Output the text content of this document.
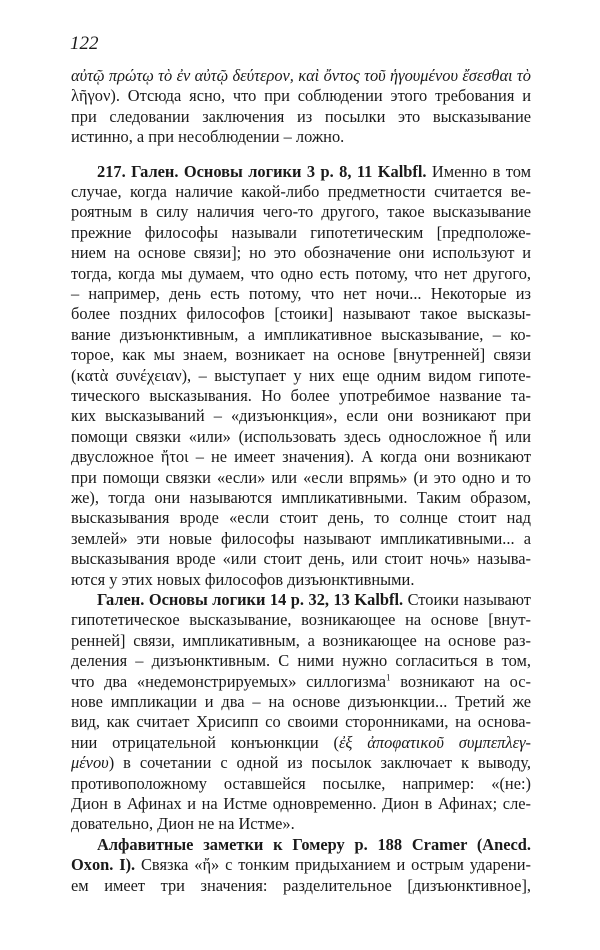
122
αὐτῷ πρώτῳ τὸ ἐν αὐτῷ δεύτερον, καὶ ὄντος τοῦ ἡγουμένου ἔσεσθαι τὸ
λῆγον). Отсюда ясно, что при соблюдении этого требования и
при следовании заключения из посылки это высказывание
истинно, а при несоблюдении – ложно.
217. Гален. Основы логики 3 p. 8, 11 Kalbfl. Именно в том
случае, когда наличие какой-либо предметности считается ве-
роятным в силу наличия чего-то другого, такое высказывание
прежние философы называли гипотетическим [предположе-
нием на основе связи]; но это обозначение они используют и
тогда, когда мы думаем, что одно есть потому, что нет другого,
– например, день есть потому, что нет ночи... Некоторые из
более поздних философов [стоики] называют такое высказы-
вание дизъюнктивным, а импликативное высказывание, – ко-
торое, как мы знаем, возникает на основе [внутренней] связи
(κατὰ συνέχειαν), – выступает у них еще одним видом гипоте-
тического высказывания. Но более употребимое название та-
ких высказываний – «дизъюнкция», если они возникают при
помощи связки «или» (использовать здесь односложное ἤ или
двусложное ἤτοι – не имеет значения). А когда они возникают
при помощи связки «если» или «если впрямь» (и это одно и то
же), тогда они называются импликативными. Таким образом,
высказывания вроде «если стоит день, то солнце стоит над
землей» эти новые философы называют импликативными... а
высказывания вроде «или стоит день, или стоит ночь» называ-
ются у этих новых философов дизъюнктивными.
Гален. Основы логики 14 p. 32, 13 Kalbfl. Стоики называют
гипотетическое высказывание, возникающее на основе [внут-
ренней] связи, импликативным, а возникающее на основе раз-
деления – дизъюнктивным. С ними нужно согласиться в том,
что два «недемонстрируемых» силлогизма$^1$ возникают на ос-
нове импликации и два – на основе дизъюнкции... Третий же
вид, как считает Хрисипп со своими сторонниками, на основа-
нии отрицательной конъюнкции (ἐξ ἀποφατικοῦ συμπεπλεγ-
μένου) в сочетании с одной из посылок заключает к выводу,
противоположному оставшейся посылке, например: «(не:)
Дион в Афинах и на Истме одновременно. Дион в Афинах; сле-
довательно, Дион не на Истме».
Алфавитные заметки к Гомеру p. 188 Cramer (Anecd.
Oxon. I). Связка «ἤ» с тонким придыханием и острым ударени-
ем имеет три значения: разделительное [дизъюнктивное],
